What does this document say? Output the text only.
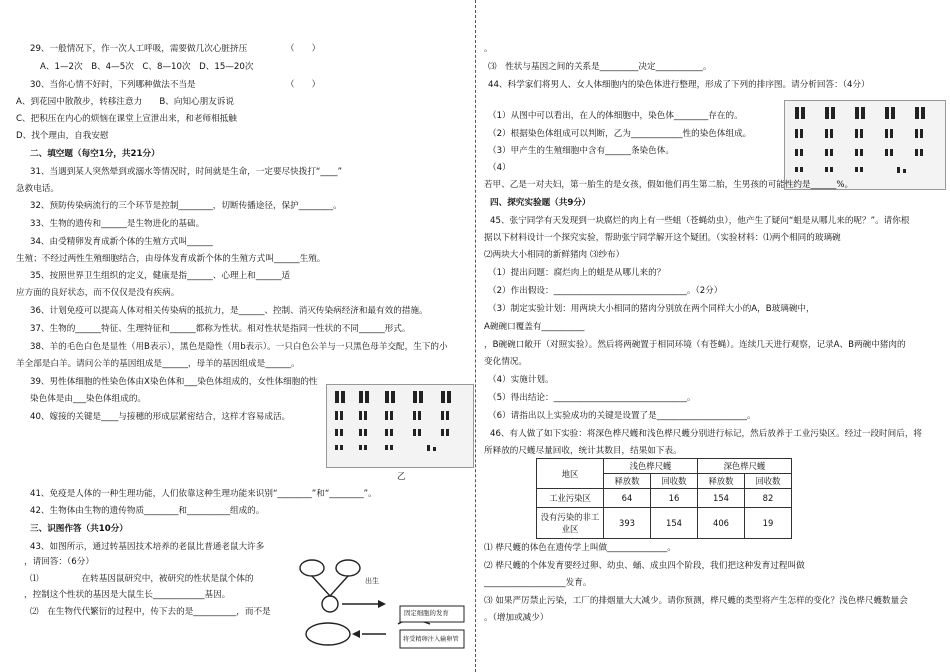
29、一般情况下，作一次人工呼吸，需要做几次心脏挤压　　　　　（　　）
A、1—2次　B、4—5次　C、8—10次　D、15—20次
30、当你心情不好时，下列哪种做法不当是　　　　　　　　　　　（　　）
A、到花园中散散步，转移注意力　　B、向知心朋友诉说
C、把积压在内心的烦恼在课堂上宣泄出来，和老师相抵触
D、找个理由，自我安慰
二、填空题（每空1分，共21分）
31、当遇到某人突然晕到或溺水等情况时，时间就是生命，一定要尽快拨打“____”
急救电话。
32、预防传染病流行的三个环节是控制________，切断传播途径，保护________。
33、生物的遗传和______是生物进化的基础。
34、由受精卵发育成新个体的生殖方式叫______
生殖；不经过两性生殖细胞结合，由母体发育成新个体的生殖方式叫______生殖。
35、按照世界卫生组织的定义，健康是指______、心理上和______适
应方面的良好状态，而不仅仅是没有疾病。
36、计划免疫可以提高人体对相关传染病的抵抗力，是______、控制、消灭传染病经济和最有效的措施。
37、生物的______特征、生理特征和______都称为性状。相对性状是指同一性状的不同______形式。
38、羊的毛色白色是显性（用B表示），黑色是隐性（用b表示）。一只白色公羊与一只黑色母羊交配，生下的小
羊全部是白羊。请问公羊的基因组成是______，母羊的基因组成是______。
39、男性体细胞的性染色体由X染色体和___染色体组成的，女性体细胞的性
染色体是由___染色体组成的。
40、嫁接的关键是____与接穗的形成层紧密结合，这样才容易成活。
乙
41、免疫是人体的一种生理功能，人们依靠这种生理功能来识别“________”和“________”。
42、生物体由生物的遗传物质________和__________组成的。
三、识图作答（共10分）
43、如图所示，通过转基因技术培养的老鼠比普通老鼠大许多
，请回答：（6分）
⑴　　　　　在转基因鼠研究中，被研究的性状是鼠个体的
，控制这个性状的基因是大鼠生长____________基因。
⑵　在生物代代繁衍的过程中，传下去的是__________，而不是
出生
固定细胞的发育
将受精卵注入输卵管
。
⑶　性状与基因之间的关系是_________决定___________。
44、科学家们将男人、女人体细胞内的染色体进行整理，形成了下列的排序图。请分析回答：（4分）
（1）从图中可以看出，在人的体细胞中，染色体________存在的。
（2）根据染色体组成可以判断，乙为____________性的染色体组成。
（3）甲产生的生殖细胞中含有______条染色体。
（4）
若甲、乙是一对夫妇，第一胎生的是女孩，假如他们再生第二胎，生男孩的可能性约是______%。
四、探究实验题（共9分）
45、张宁同学有天发现到一块腐烂的肉上有一些蛆（苍蝇幼虫），他产生了疑问“蛆是从哪儿来的呢？”。请你根
据以下材料设计一个探究实验，帮助张宁同学解开这个疑团。（实验材料：⑴两个相同的玻璃碗
⑵两块大小相同的新鲜猪肉 ⑶纱布）
（1）提出问题：腐烂肉上的蛆是从哪儿来的？
（2）作出假设：_______________________________。（2分）
（3）制定实验计划：用两块大小相同的猪肉分别放在两个同样大小的A，B玻璃碗中，
A碗碗口覆盖有__________
，B碗碗口敞开（对照实验）。然后将两碗置于相同环境（有苍蝇）。连续几天进行观察，记录A、B两碗中猪肉的
变化情况。
（4）实施计划。
（5）得出结论：_______________________________。
（6）请指出以上实验成功的关键是设置了是_____________________。
46、有人做了如下实验：将深色桦尺蠖和浅色桦尺蠖分别进行标记，然后放养于工业污染区。经过一段时间后，将
所释放的尺蠖尽量回收，统计其数目，结果如下表。
地区	浅色桦尺蠖		深色桦尺蠖	
	释放数	回收数	释放数	回收数
工业污染区	64	16	154	82
没有污染的非工业区	393	154	406	19
⑴ 桦尺蠖的体色在遗传学上叫做______________。
⑵ 桦尺蠖的个体发育要经过卵、幼虫、蛹、成虫四个阶段，我们把这种发育过程叫做
___________________发育。
⑶ 如果严厉禁止污染，工厂的排烟量大大减少。请你预测，桦尺蠖的类型将产生怎样的变化？浅色桦尺蠖数量会
。（增加或减少）
